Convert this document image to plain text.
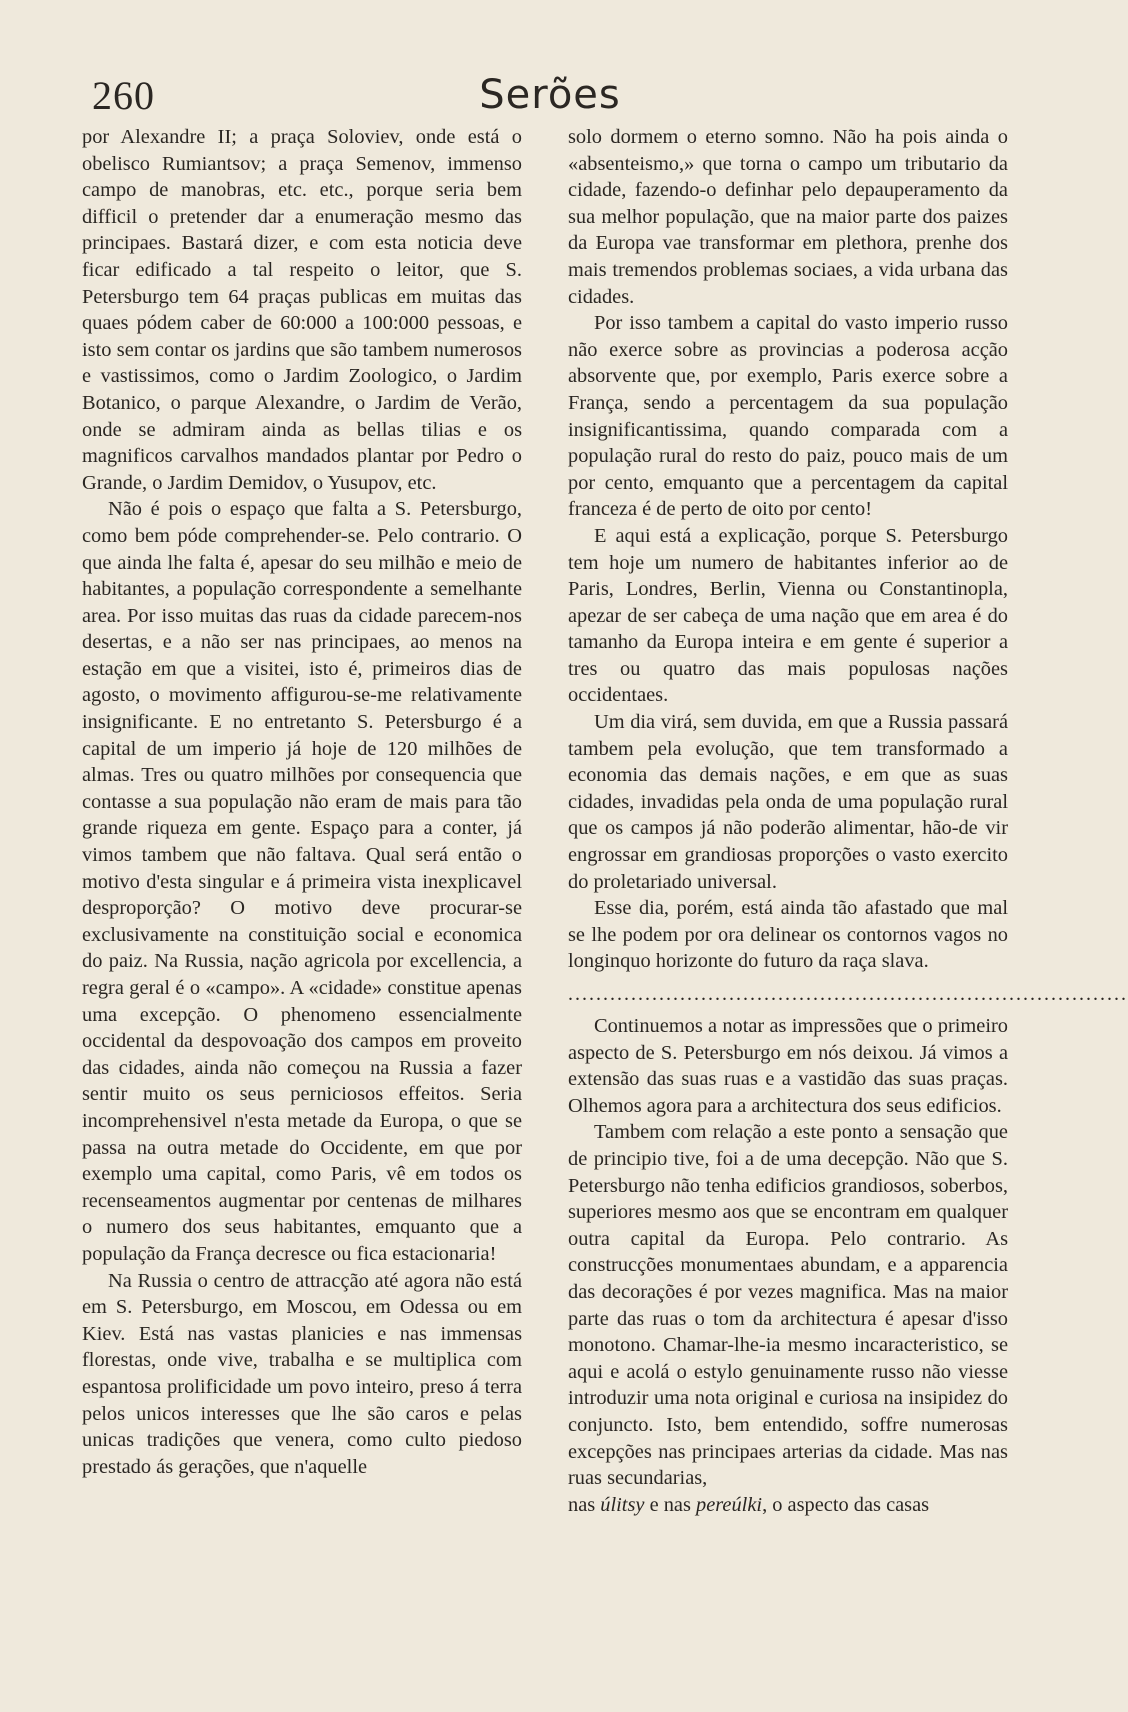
260	Serões

por Alexandre II; a praça Soloviev, onde está o obelisco Rumiantsov; a praça Semenov, immenso campo de manobras, etc. etc., porque seria bem difficil o pretender dar a enumeração mesmo das principaes. Bastará dizer, e com esta noticia deve ficar edificado a tal respeito o leitor, que S. Petersburgo tem 64 praças publicas em muitas das quaes pódem caber de 60:000 a 100:000 pessoas, e isto sem contar os jardins que são tambem numerosos e vastissimos, como o Jardim Zoologico, o Jardim Botanico, o parque Alexandre, o Jardim de Verão, onde se admiram ainda as bellas tilias e os magnificos carvalhos mandados plantar por Pedro o Grande, o Jardim Demidov, o Yusupov, etc.

Não é pois o espaço que falta a S. Petersburgo, como bem póde comprehender-se. Pelo contrario. O que ainda lhe falta é, apesar do seu milhão e meio de habitantes, a população correspondente a semelhante area. Por isso muitas das ruas da cidade parecem-nos desertas, e a não ser nas principaes, ao menos na estação em que a visitei, isto é, primeiros dias de agosto, o movimento affigurou-se-me relativamente insignificante. E no entretanto S. Petersburgo é a capital de um imperio já hoje de 120 milhões de almas. Tres ou quatro milhões por consequencia que contasse a sua população não eram de mais para tão grande riqueza em gente. Espaço para a conter, já vimos tambem que não faltava. Qual será então o motivo d'esta singular e á primeira vista inexplicavel desproporção? O motivo deve procurar-se exclusivamente na constituição social e economica do paiz. Na Russia, nação agricola por excellencia, a regra geral é o «campo». A «cidade» constitue apenas uma excepção. O phenomeno essencialmente occidental da despovoação dos campos em proveito das cidades, ainda não começou na Russia a fazer sentir muito os seus perniciosos effeitos. Seria incomprehensivel n'esta metade da Europa, o que se passa na outra metade do Occidente, em que por exemplo uma capital, como Paris, vê em todos os recenseamentos augmentar por centenas de milhares o numero dos seus habitantes, emquanto que a população da França decresce ou fica estacionaria!

Na Russia o centro de attracção até agora não está em S. Petersburgo, em Moscou, em Odessa ou em Kiev. Está nas vastas planicies e nas immensas florestas, onde vive, trabalha e se multiplica com espantosa prolificidade um povo inteiro, preso á terra pelos unicos interesses que lhe são caros e pelas unicas tradições que venera, como culto piedoso prestado ás gerações, que n'aquelle

solo dormem o eterno somno. Não ha pois ainda o «absenteismo,» que torna o campo um tributario da cidade, fazendo-o definhar pelo depauperamento da sua melhor população, que na maior parte dos paizes da Europa vae transformar em plethora, prenhe dos mais tremendos problemas sociaes, a vida urbana das cidades.

Por isso tambem a capital do vasto imperio russo não exerce sobre as provincias a poderosa acção absorvente que, por exemplo, Paris exerce sobre a França, sendo a percentagem da sua população insignificantissima, quando comparada com a população rural do resto do paiz, pouco mais de um por cento, emquanto que a percentagem da capital franceza é de perto de oito por cento!

E aqui está a explicação, porque S. Petersburgo tem hoje um numero de habitantes inferior ao de Paris, Londres, Berlin, Vienna ou Constantinopla, apezar de ser cabeça de uma nação que em area é do tamanho da Europa inteira e em gente é superior a tres ou quatro das mais populosas nações occidentaes.

Um dia virá, sem duvida, em que a Russia passará tambem pela evolução, que tem transformado a economia das demais nações, e em que as suas cidades, invadidas pela onda de uma população rural que os campos já não poderão alimentar, hão-de vir engrossar em grandiosas proporções o vasto exercito do proletariado universal.

Esse dia, porém, está ainda tão afastado que mal se lhe podem por ora delinear os contornos vagos no longinquo horizonte do futuro da raça slava.

................................................................................

Continuemos a notar as impressões que o primeiro aspecto de S. Petersburgo em nós deixou. Já vimos a extensão das suas ruas e a vastidão das suas praças. Olhemos agora para a architectura dos seus edificios.

Tambem com relação a este ponto a sensação que de principio tive, foi a de uma decepção. Não que S. Petersburgo não tenha edificios grandiosos, soberbos, superiores mesmo aos que se encontram em qualquer outra capital da Europa. Pelo contrario. As construcções monumentaes abundam, e a apparencia das decorações é por vezes magnifica. Mas na maior parte das ruas o tom da architectura é apesar d'isso monotono. Chamar-lhe-ia mesmo incaracteristico, se aqui e acolá o estylo genuinamente russo não viesse introduzir uma nota original e curiosa na insipidez do conjuncto. Isto, bem entendido, soffre numerosas excepções nas principaes arterias da cidade. Mas nas ruas secundarias,

nas úlitsy e nas pereúlki, o aspecto das casas
